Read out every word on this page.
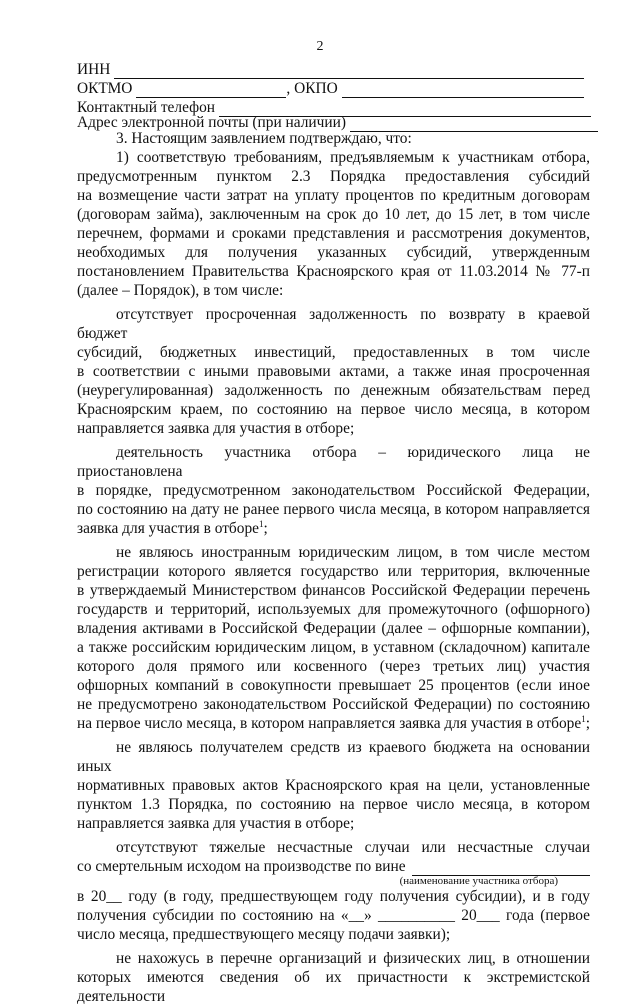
2
ИНН
ОКТМО	, ОКПО
Контактный телефон
Адрес электронной почты (при наличии)

3. Настоящим заявлением подтверждаю, что:

1) соответствую требованиям, предъявляемым к участникам отбора,

предусмотренным пунктом 2.3 Порядка предоставления субсидий

на возмещение части затрат на уплату процентов по кредитным договорам

(договорам займа), заключенным на срок до 10 лет, до 15 лет, в том числе

перечнем, формами и сроками представления и рассмотрения документов,

необходимых для получения указанных субсидий, утвержденным

постановлением Правительства Красноярского края от 11.03.2014 № 77-п

(далее – Порядок), в том числе:

отсутствует просроченная задолженность по возврату в краевой бюджет

субсидий, бюджетных инвестиций, предоставленных в том числе

в соответствии с иными правовыми актами, а также иная просроченная

(неурегулированная) задолженность по денежным обязательствам перед

Красноярским краем, по состоянию на первое число месяца, в котором

направляется заявка для участия в отборе;

деятельность участника отбора – юридического лица не приостановлена

в порядке, предусмотренном законодательством Российской Федерации,

по состоянию на дату не ранее первого числа месяца, в котором направляется

заявка для участия в отборе$^1$;

не являюсь иностранным юридическим лицом, в том числе местом

регистрации которого является государство или территория, включенные

в утверждаемый Министерством финансов Российской Федерации перечень

государств и территорий, используемых для промежуточного (офшорного)

владения активами в Российской Федерации (далее – офшорные компании),

а также российским юридическим лицом, в уставном (складочном) капитале

которого доля прямого или косвенного (через третьих лиц) участия

офшорных компаний в совокупности превышает 25 процентов (если иное

не предусмотрено законодательством Российской Федерации) по состоянию

на первое число месяца, в котором направляется заявка для участия в отборе$^1$;

не являюсь получателем средств из краевого бюджета на основании иных

нормативных правовых актов Красноярского края на цели, установленные

пунктом 1.3 Порядка, по состоянию на первое число месяца, в котором

направляется заявка для участия в отборе;

отсутствуют тяжелые несчастные случаи или несчастные случаи

со смертельным исходом на производстве по вине
(наименование участника отбора)

в 20__ году (в году, предшествующем году получения субсидии), и в году

получения субсидии по состоянию на «__» __________ 20___ года (первое

число месяца, предшествующего месяцу подачи заявки);

не нахожусь в перечне организаций и физических лиц, в отношении

которых имеются сведения об их причастности к экстремистской деятельности
